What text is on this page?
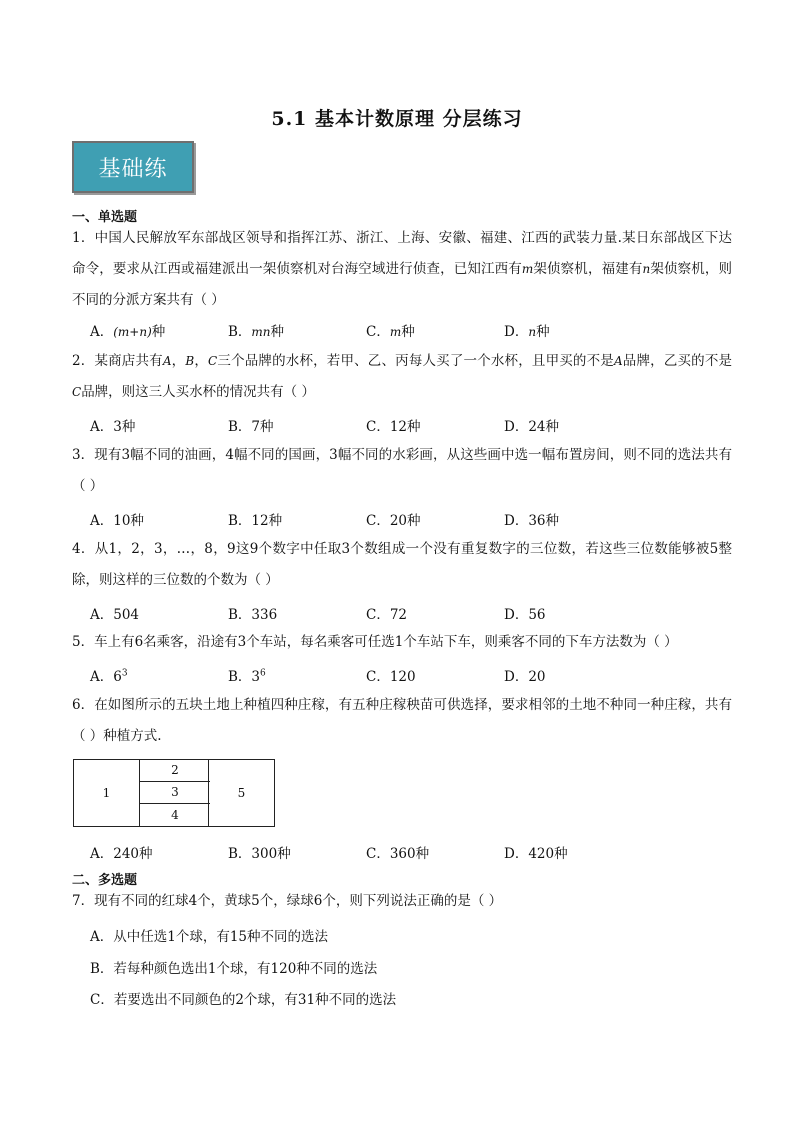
5.1 基本计数原理 分层练习
基础练
一、单选题
1．中国人民解放军东部战区领导和指挥江苏、浙江、上海、安徽、福建、江西的武装力量.某日东部战区下达命令，要求从江西或福建派出一架侦察机对台海空域进行侦查，已知江西有m架侦察机，福建有n架侦察机，则不同的分派方案共有（ ）
A．(m+n)种	B．mn种	C．m种	D．n种
2．某商店共有A，B，C三个品牌的水杯，若甲、乙、丙每人买了一个水杯，且甲买的不是A品牌，乙买的不是C品牌，则这三人买水杯的情况共有（ ）
A．3种	B．7种	C．12种	D．24种
3．现有3幅不同的油画，4幅不同的国画，3幅不同的水彩画，从这些画中选一幅布置房间，则不同的选法共有（ ）
A．10种	B．12种	C．20种	D．36种
4．从1，2，3，…，8，9这9个数字中任取3个数组成一个没有重复数字的三位数，若这些三位数能够被5整除，则这样的三位数的个数为（ ）
A．504	B．336	C．72	D．56
5．车上有6名乘客，沿途有3个车站，每名乘客可任选1个车站下车，则乘客不同的下车方法数为（ ）
A．$6^3$	B．$3^6$	C．120	D．20
6．在如图所示的五块土地上种植四种庄稼，有五种庄稼秧苗可供选择，要求相邻的土地不种同一种庄稼，共有（ ）种植方式.
1
2
3
4
5
A．240种	B．300种	C．360种	D．420种
二、多选题
7．现有不同的红球4个，黄球5个，绿球6个，则下列说法正确的是（ ）
A．从中任选1个球，有15种不同的选法
B．若每种颜色选出1个球，有120种不同的选法
C．若要选出不同颜色的2个球，有31种不同的选法
